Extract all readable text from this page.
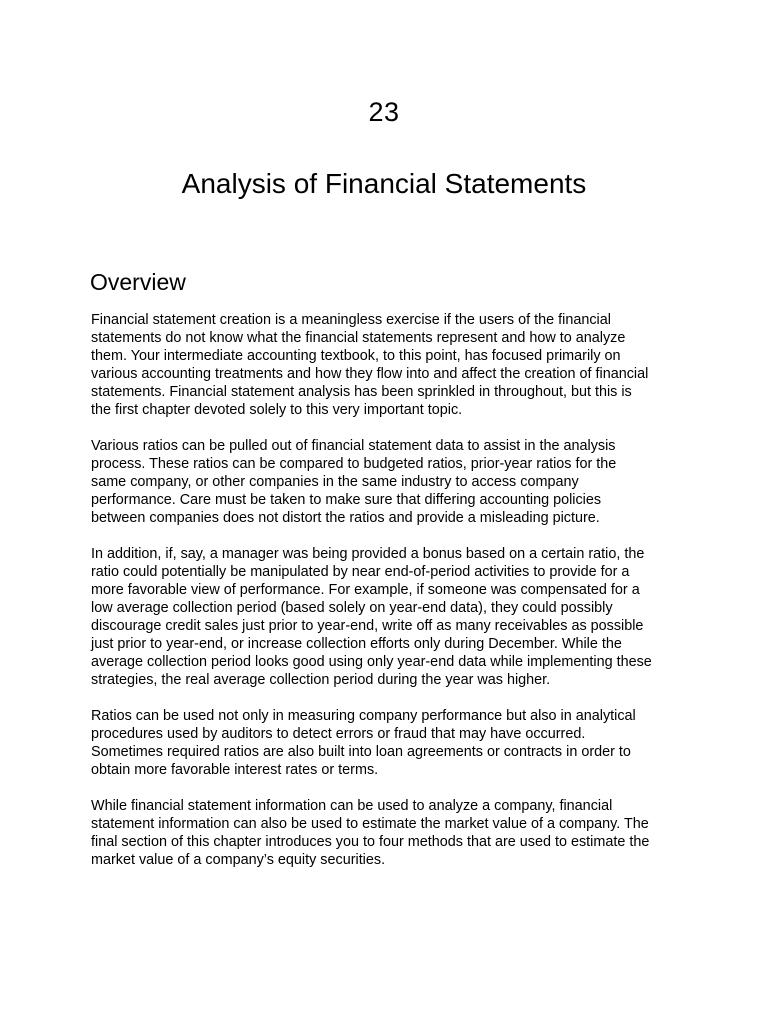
23
Analysis of Financial Statements
Overview

Financial statement creation is a meaningless exercise if the users of the financial
statements do not know what the financial statements represent and how to analyze
them. Your intermediate accounting textbook, to this point, has focused primarily on
various accounting treatments and how they flow into and affect the creation of financial
statements. Financial statement analysis has been sprinkled in throughout, but this is
the first chapter devoted solely to this very important topic.

Various ratios can be pulled out of financial statement data to assist in the analysis
process. These ratios can be compared to budgeted ratios, prior-year ratios for the
same company, or other companies in the same industry to access company
performance. Care must be taken to make sure that differing accounting policies
between companies does not distort the ratios and provide a misleading picture.

In addition, if, say, a manager was being provided a bonus based on a certain ratio, the
ratio could potentially be manipulated by near end-of-period activities to provide for a
more favorable view of performance. For example, if someone was compensated for a
low average collection period (based solely on year-end data), they could possibly
discourage credit sales just prior to year-end, write off as many receivables as possible
just prior to year-end, or increase collection efforts only during December. While the
average collection period looks good using only year-end data while implementing these
strategies, the real average collection period during the year was higher.

Ratios can be used not only in measuring company performance but also in analytical
procedures used by auditors to detect errors or fraud that may have occurred.
Sometimes required ratios are also built into loan agreements or contracts in order to
obtain more favorable interest rates or terms.

While financial statement information can be used to analyze a company, financial
statement information can also be used to estimate the market value of a company. The
final section of this chapter introduces you to four methods that are used to estimate the
market value of a company’s equity securities.
